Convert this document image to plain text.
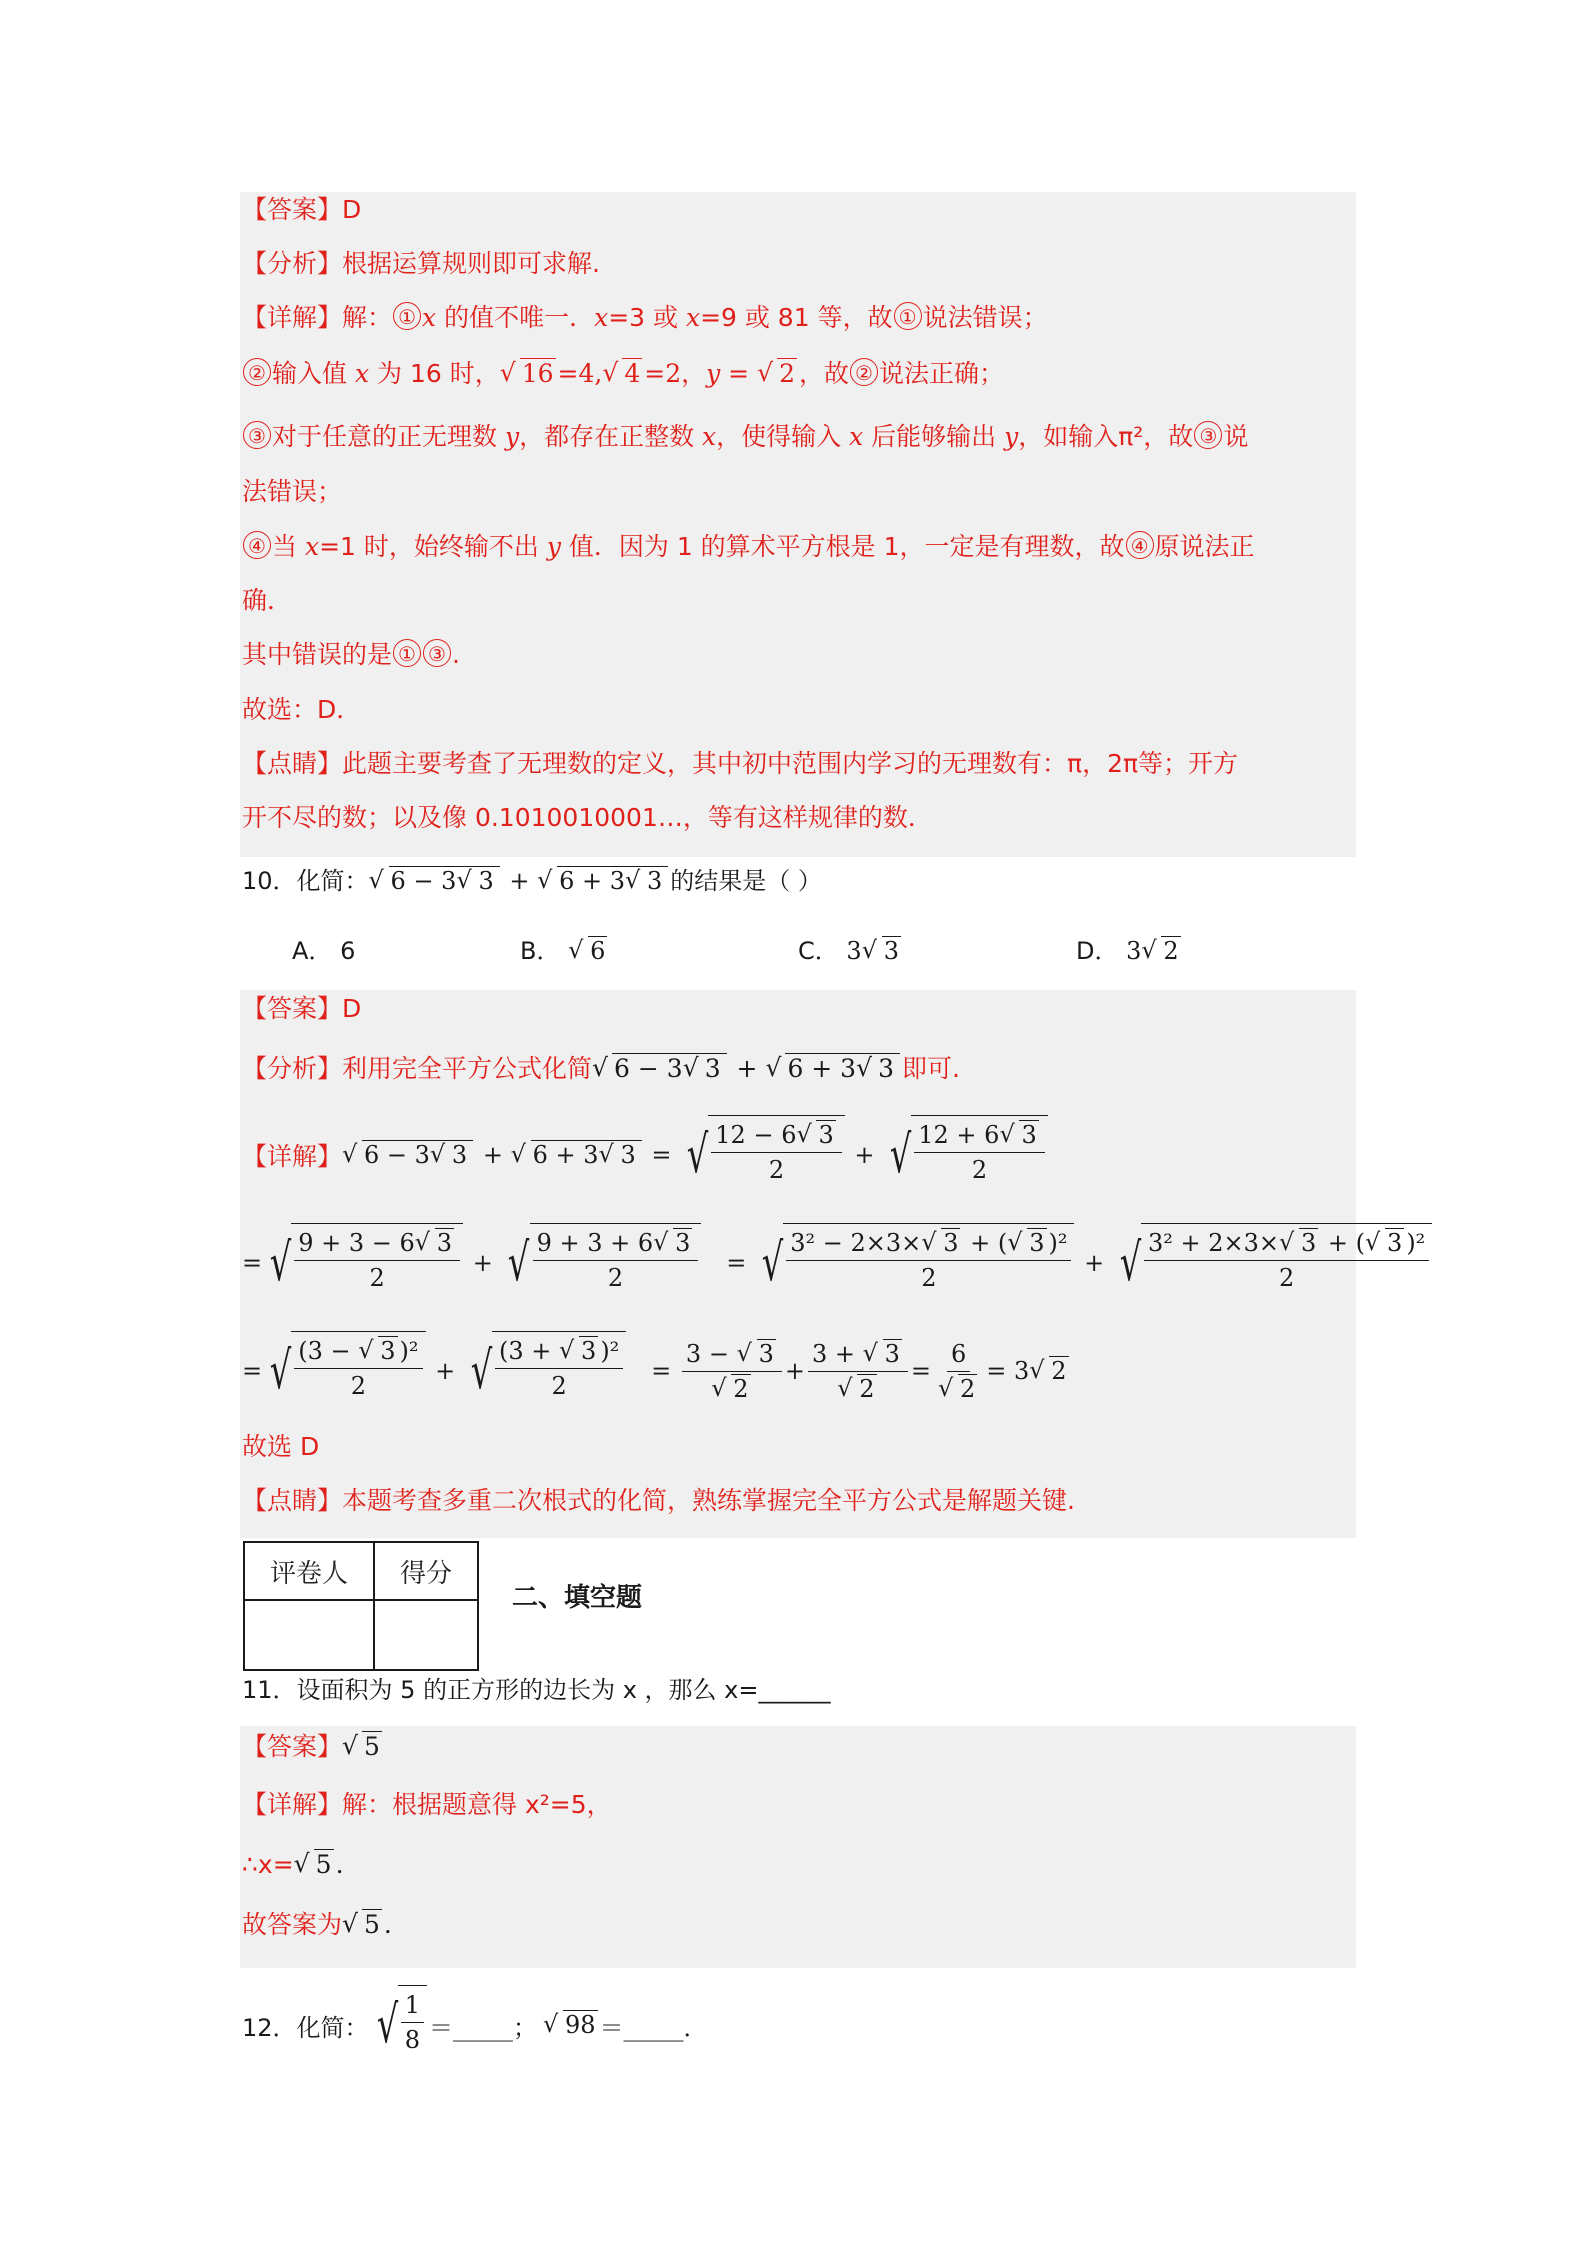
【答案】D
【分析】根据运算规则即可求解.
【详解】解： ① x 的值不唯一．x=3 或 x=9 或 81 等，故 ① 说法错误；
② 输入值 x 为 16 时， √ 16 =4, √ 4 =2，y = √ 2 ，故 ② 说法正确；
③ 对于任意的正无理数 y，都存在正整数 x，使得输入 x 后能够输出 y，如输入π²，故 ③ 说
法错误；
④ 当 x=1 时，始终输不出 y 值．因为 1 的算术平方根是 1，一定是有理数，故 ④ 原说法正
确．
其中错误的是 ① ③ .
故选：D．
【点睛】此题主要考查了无理数的定义，其中初中范围内学习的无理数有：π，2π等；开方
开不尽的数；以及像 0.1010010001…，等有这样规律的数．
10．化简： √ 6 − 3 √ 3 + √ 6 + 3 √ 3 的结果是（ ）
A． 6	B． √ 6	C． 3 √ 3	D． 3 √ 2
【答案】D
【分析】利用完全平方公式化简 √ 6 − 3 √ 3 + √ 6 + 3 √ 3 即可.
【详解】 √ 6 − 3 √ 3 + √ 6 + 3 √ 3 = √ $\frac{12 - 6 √ 3}{2}$ + √ $\frac{12 + 6 √ 3}{2}$
= √ $\frac{9 + 3 - 6 √ 3}{2}$ + √ $\frac{9 + 3 + 6 √ 3}{2}$ = √ $\frac{\text{3² − 2×3× √ 3 + ( √ 3 )²}}{2}$ + √ $\frac{\text{3² + 2×3× √ 3 + ( √ 3 )²}}{2}$
= √ $\frac{\text{(3 − √ 3 )²}}{2}$ + √ $\frac{\text{(3 + √ 3 )²}}{2} = 3$ − √ 3
√ 2 + 3 + √ 3
√ 2 = 6
√ 2 = 3 √ 2
故选 D
【点睛】本题考查多重二次根式的化简，熟练掌握完全平方公式是解题关键.
评卷人	得分

二、填空题
11．设面积为 5 的正方形的边长为 x ，那么 x=______
【答案】 √ 5
【详解】解：根据题意得 x²=5，
∴x= √ 5 .
故答案为 √ 5 .
12．化简： √ $\frac{1}{8}$ ＝_____；	√ 98 ＝_____．
